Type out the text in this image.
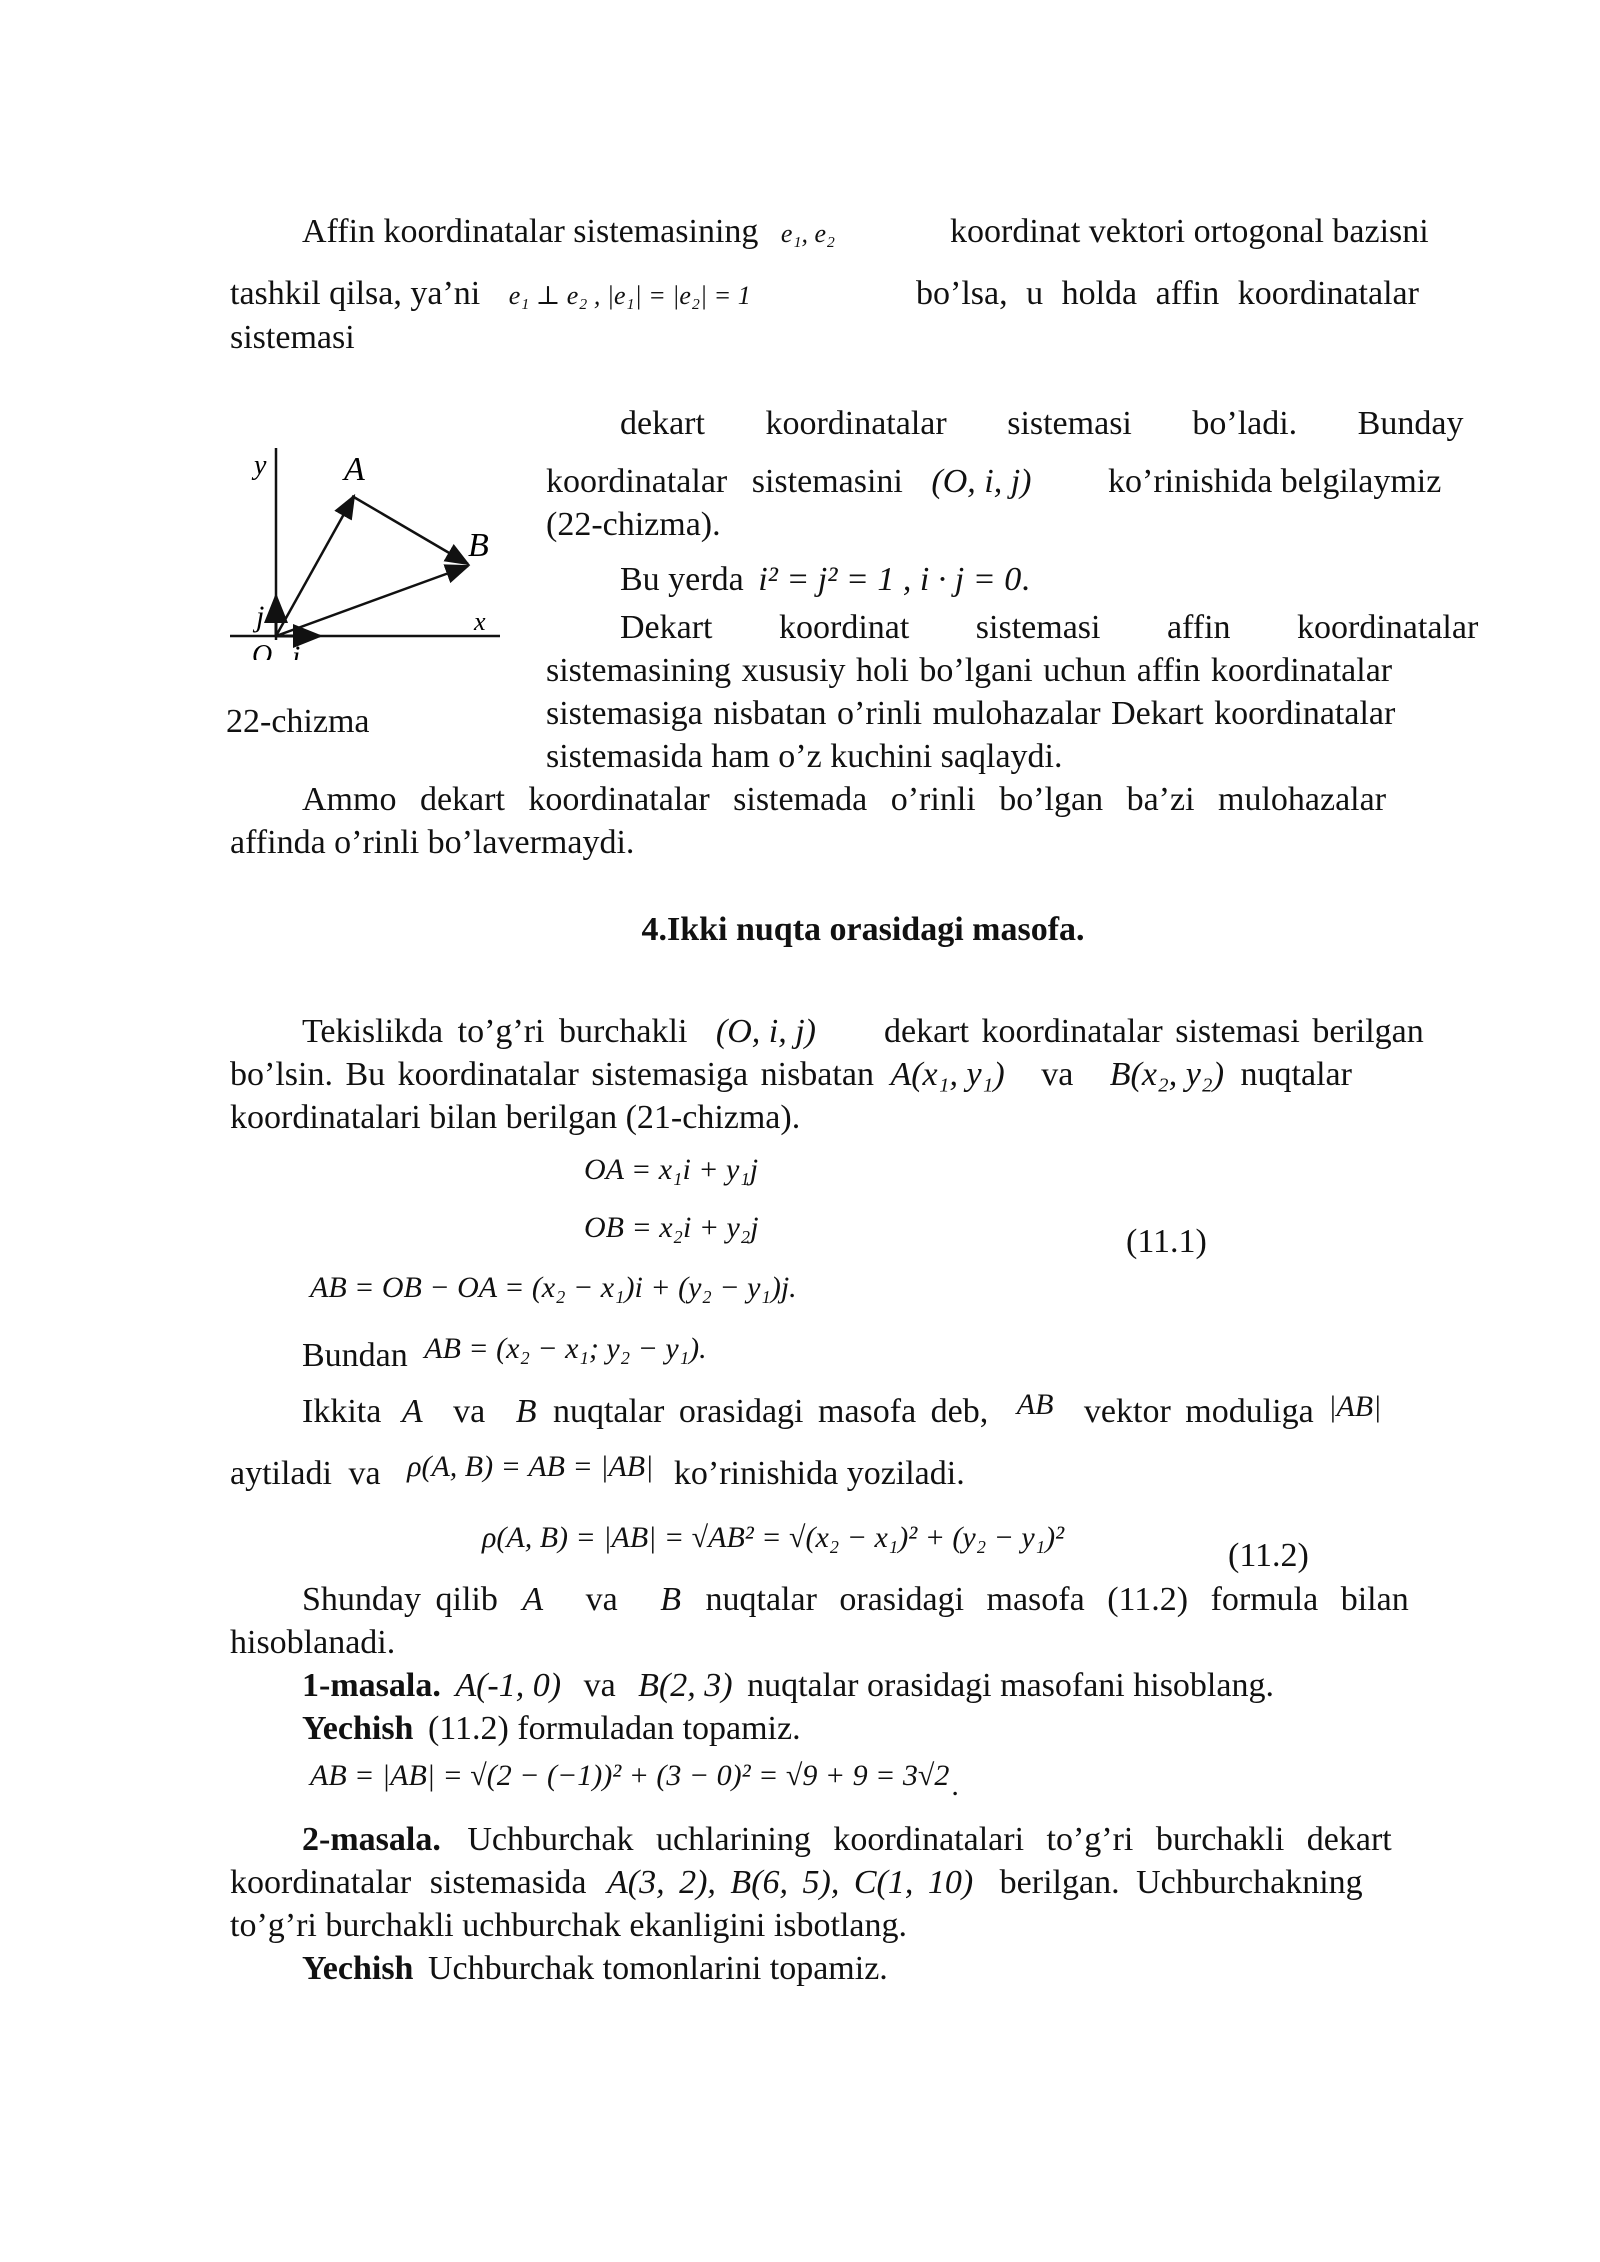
Affin koordinatalar sistemasining e₁, e₂	koordinat vektori ortogonal bazisni
tashkil qilsa, ya’ni e₁ ⊥ e₂ , |e₁| = |e₂| = 1	bo’lsa, u holda affin koordinatalar
sistemasi
y A
B
x
O i
j
22-chizma
dekart koordinatalar sistemasi bo’ladi. Bunday
koordinatalar sistemasini (O, i, j) ko’rinishida belgilaymiz
(22-chizma).
Bu yerda i² = j² = 1 , i · j = 0.
Dekart koordinat sistemasi affin koordinatalar
sistemasining xususiy holi bo’lgani uchun affin koordinatalar
sistemasiga nisbatan o’rinli mulohazalar Dekart koordinatalar
sistemasida ham o’z kuchini saqlaydi.
Ammo dekart koordinatalar sistemada o’rinli bo’lgan ba’zi mulohazalar
affinda o’rinli bo’lavermaydi.
4.Ikki nuqta orasidagi masofa.
Tekislikda to’g’ri burchakli (O, i, j) dekart koordinatalar sistemasi berilgan
bo’lsin. Bu koordinatalar sistemasiga nisbatan A(x₁, y₁) va B(x₂, y₂) nuqtalar
koordinatalari bilan berilgan (21-chizma).
OA = x₁i + y₁j
OB = x₂i + y₂j	(11.1)
AB = OB − OA = (x₂ − x₁)i + (y₂ − y₁)j.
Bundan AB = (x₂ − x₁; y₂ − y₁).
Ikkita A va B nuqtalar orasidagi masofa deb, AB vektor moduliga |AB|
aytiladi va ρ(A, B) = AB = |AB| ko’rinishida yoziladi.
ρ(A, B) = |AB| = √AB² = √(x₂ − x₁)² + (y₂ − y₁)²	(11.2)
Shunday qilib A va B nuqtalar orasidagi masofa (11.2) formula bilan
hisoblanadi.
1-masala. A(-1, 0) va B(2, 3) nuqtalar orasidagi masofani hisoblang.
Yechish (11.2) formuladan topamiz.
AB = |AB| = √(2 − (−1))² + (3 − 0)² = √9 + 9 = 3√2.
2-masala. Uchburchak uchlarining koordinatalari to’g’ri burchakli dekart
koordinatalar sistemasida A(3, 2), B(6, 5), C(1, 10) berilgan. Uchburchakning
to’g’ri burchakli uchburchak ekanligini isbotlang.
Yechish Uchburchak tomonlarini topamiz.
